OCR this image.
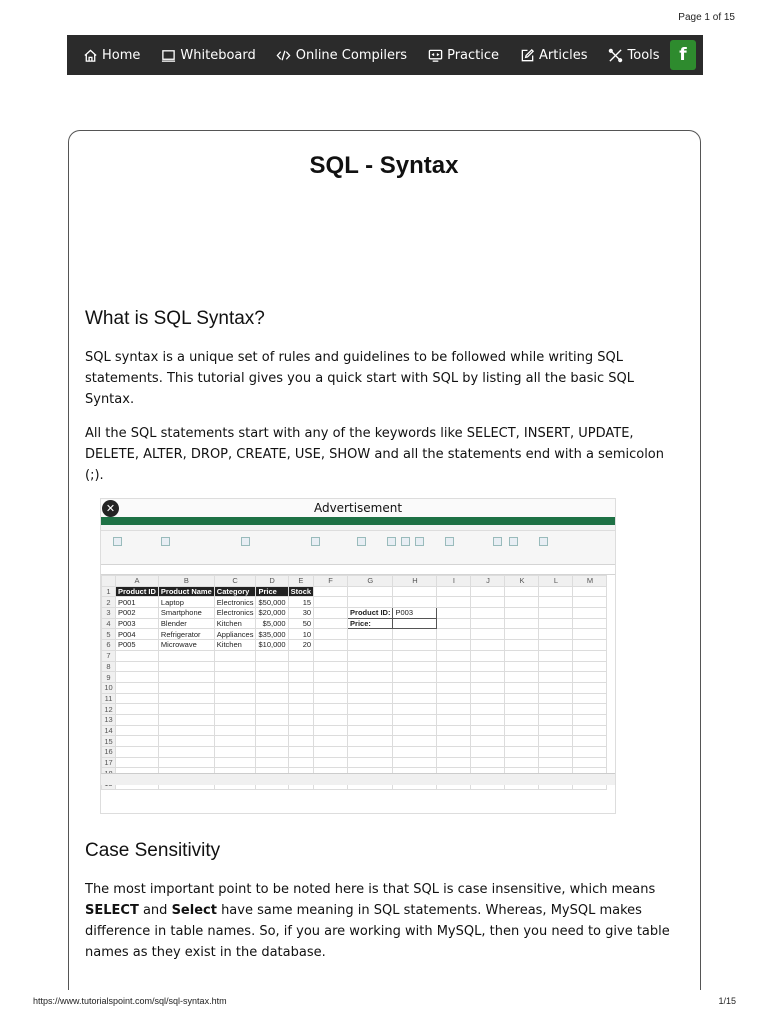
Page 1 of 15
Home	Whiteboard	Online Compilers	Practice	Articles	Tools	f
SQL - Syntax
What is SQL Syntax?

SQL syntax is a unique set of rules and guidelines to be followed while writing SQL statements. This tutorial gives you a quick start with SQL by listing all the basic SQL Syntax.

All the SQL statements start with any of the keywords like SELECT, INSERT, UPDATE, DELETE, ALTER, DROP, CREATE, USE, SHOW and all the statements end with a semicolon (;).

✕	Advertisement
	A	B	C	D	E	F	G	H	I	J	K	L	M
1	Product ID	Product Name	Category	Price	Stock								
2	P001	Laptop	Electronics	$50,000	15								
3	P002	Smartphone	Electronics	$20,000	30		Product ID:	P003					
4	P003	Blender	Kitchen	$5,000	50		Price:						
5	P004	Refrigerator	Appliances	$35,000	10								
6	P005	Microwave	Kitchen	$10,000	20								
7													
8													
9													
10													
11													
12													
13													
14													
15													
16													
17													

Case Sensitivity

The most important point to be noted here is that SQL is case insensitive, which means SELECT and Select have same meaning in SQL statements. Whereas, MySQL makes difference in table names. So, if you are working with MySQL, then you need to give table names as they exist in the database.

https://www.tutorialspoint.com/sql/sql-syntax.htm	1/15
